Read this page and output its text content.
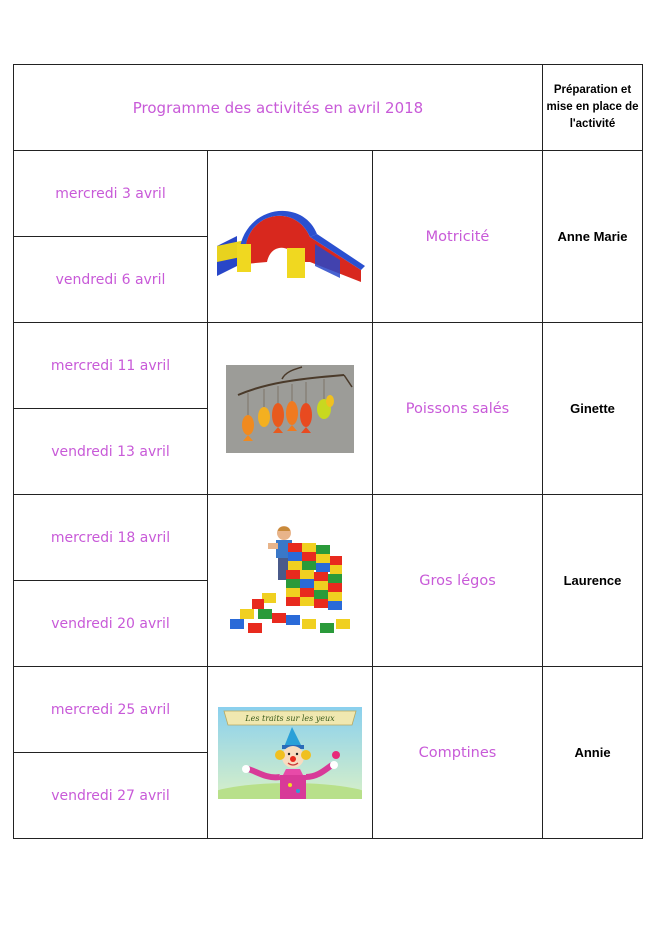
Programme des activités en avril 2018			Préparation et
mise en place de
l'activité

mercredi 3 avril		Motricité	Anne Marie
vendredi 6 avril			
mercredi 11 avril		Poissons salés	Ginette
vendredi 13 avril			
mercredi 18 avril		Gros légos	Laurence
vendredi 20 avril			
mercredi 25 avril	Les traits sur les yeux	Comptines	Annie
vendredi 27 avril			
